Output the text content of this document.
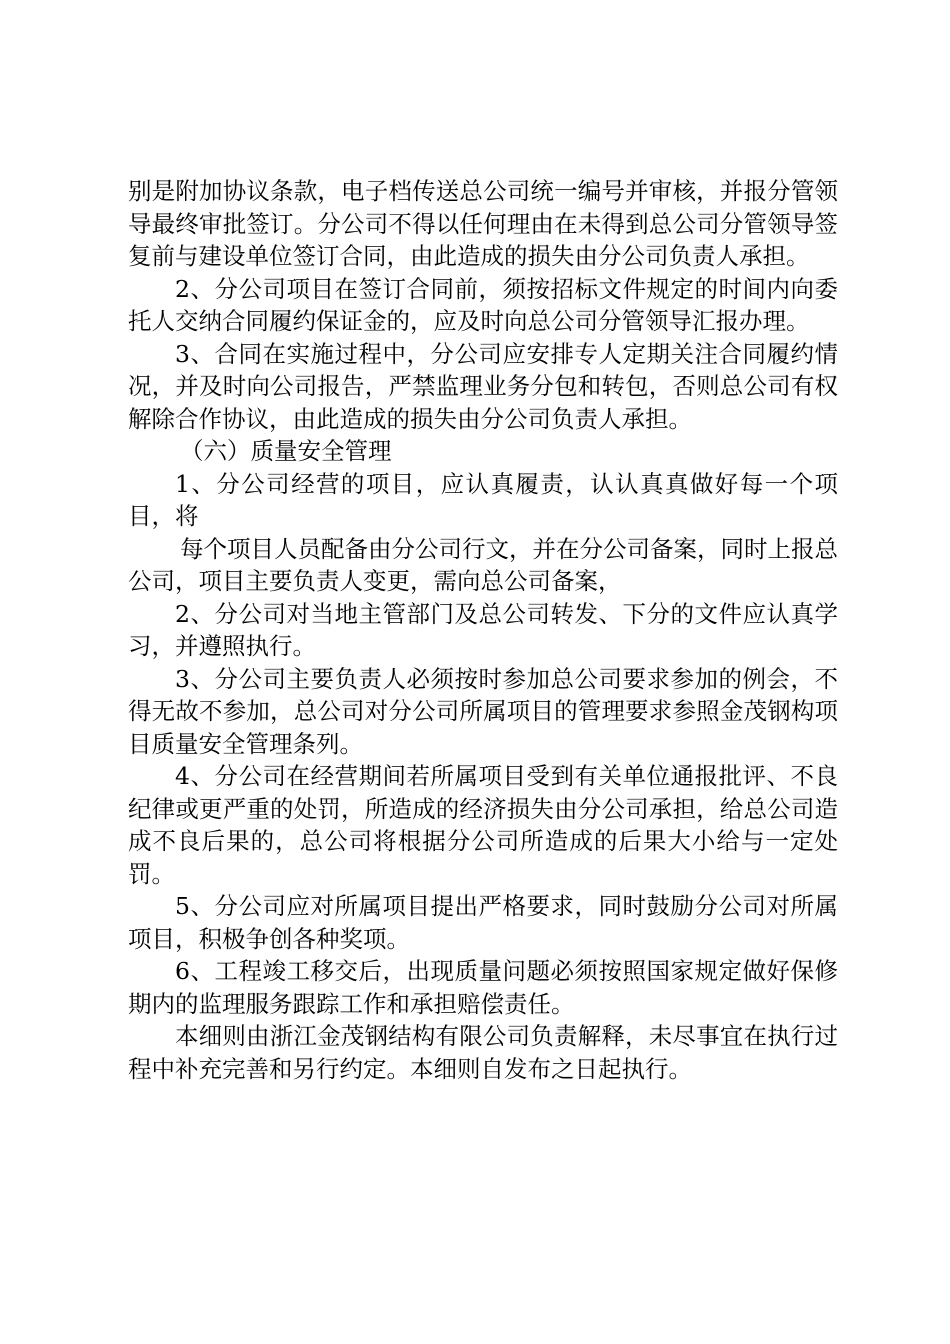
别是附加协议条款，电子档传送总公司统一编号并审核，并报分管领导最终审批签订。分公司不得以任何理由在未得到总公司分管领导签复前与建设单位签订合同，由此造成的损失由分公司负责人承担。

2、分公司项目在签订合同前，须按招标文件规定的时间内向委托人交纳合同履约保证金的，应及时向总公司分管领导汇报办理。

3、合同在实施过程中，分公司应安排专人定期关注合同履约情况，并及时向公司报告，严禁监理业务分包和转包，否则总公司有权解除合作协议，由此造成的损失由分公司负责人承担。

（六）质量安全管理

1、分公司经营的项目，应认真履责，认认真真做好每一个项目，将

每个项目人员配备由分公司行文，并在分公司备案，同时上报总公司，项目主要负责人变更，需向总公司备案，

2、分公司对当地主管部门及总公司转发、下分的文件应认真学习，并遵照执行。

3、分公司主要负责人必须按时参加总公司要求参加的例会，不得无故不参加，总公司对分公司所属项目的管理要求参照金茂钢构项目质量安全管理条列。

4、分公司在经营期间若所属项目受到有关单位通报批评、不良纪律或更严重的处罚，所造成的经济损失由分公司承担，给总公司造成不良后果的，总公司将根据分公司所造成的后果大小给与一定处罚。

5、分公司应对所属项目提出严格要求，同时鼓励分公司对所属项目，积极争创各种奖项。

6、工程竣工移交后，出现质量问题必须按照国家规定做好保修期内的监理服务跟踪工作和承担赔偿责任。

本细则由浙江金茂钢结构有限公司负责解释，未尽事宜在执行过程中补充完善和另行约定。本细则自发布之日起执行。
